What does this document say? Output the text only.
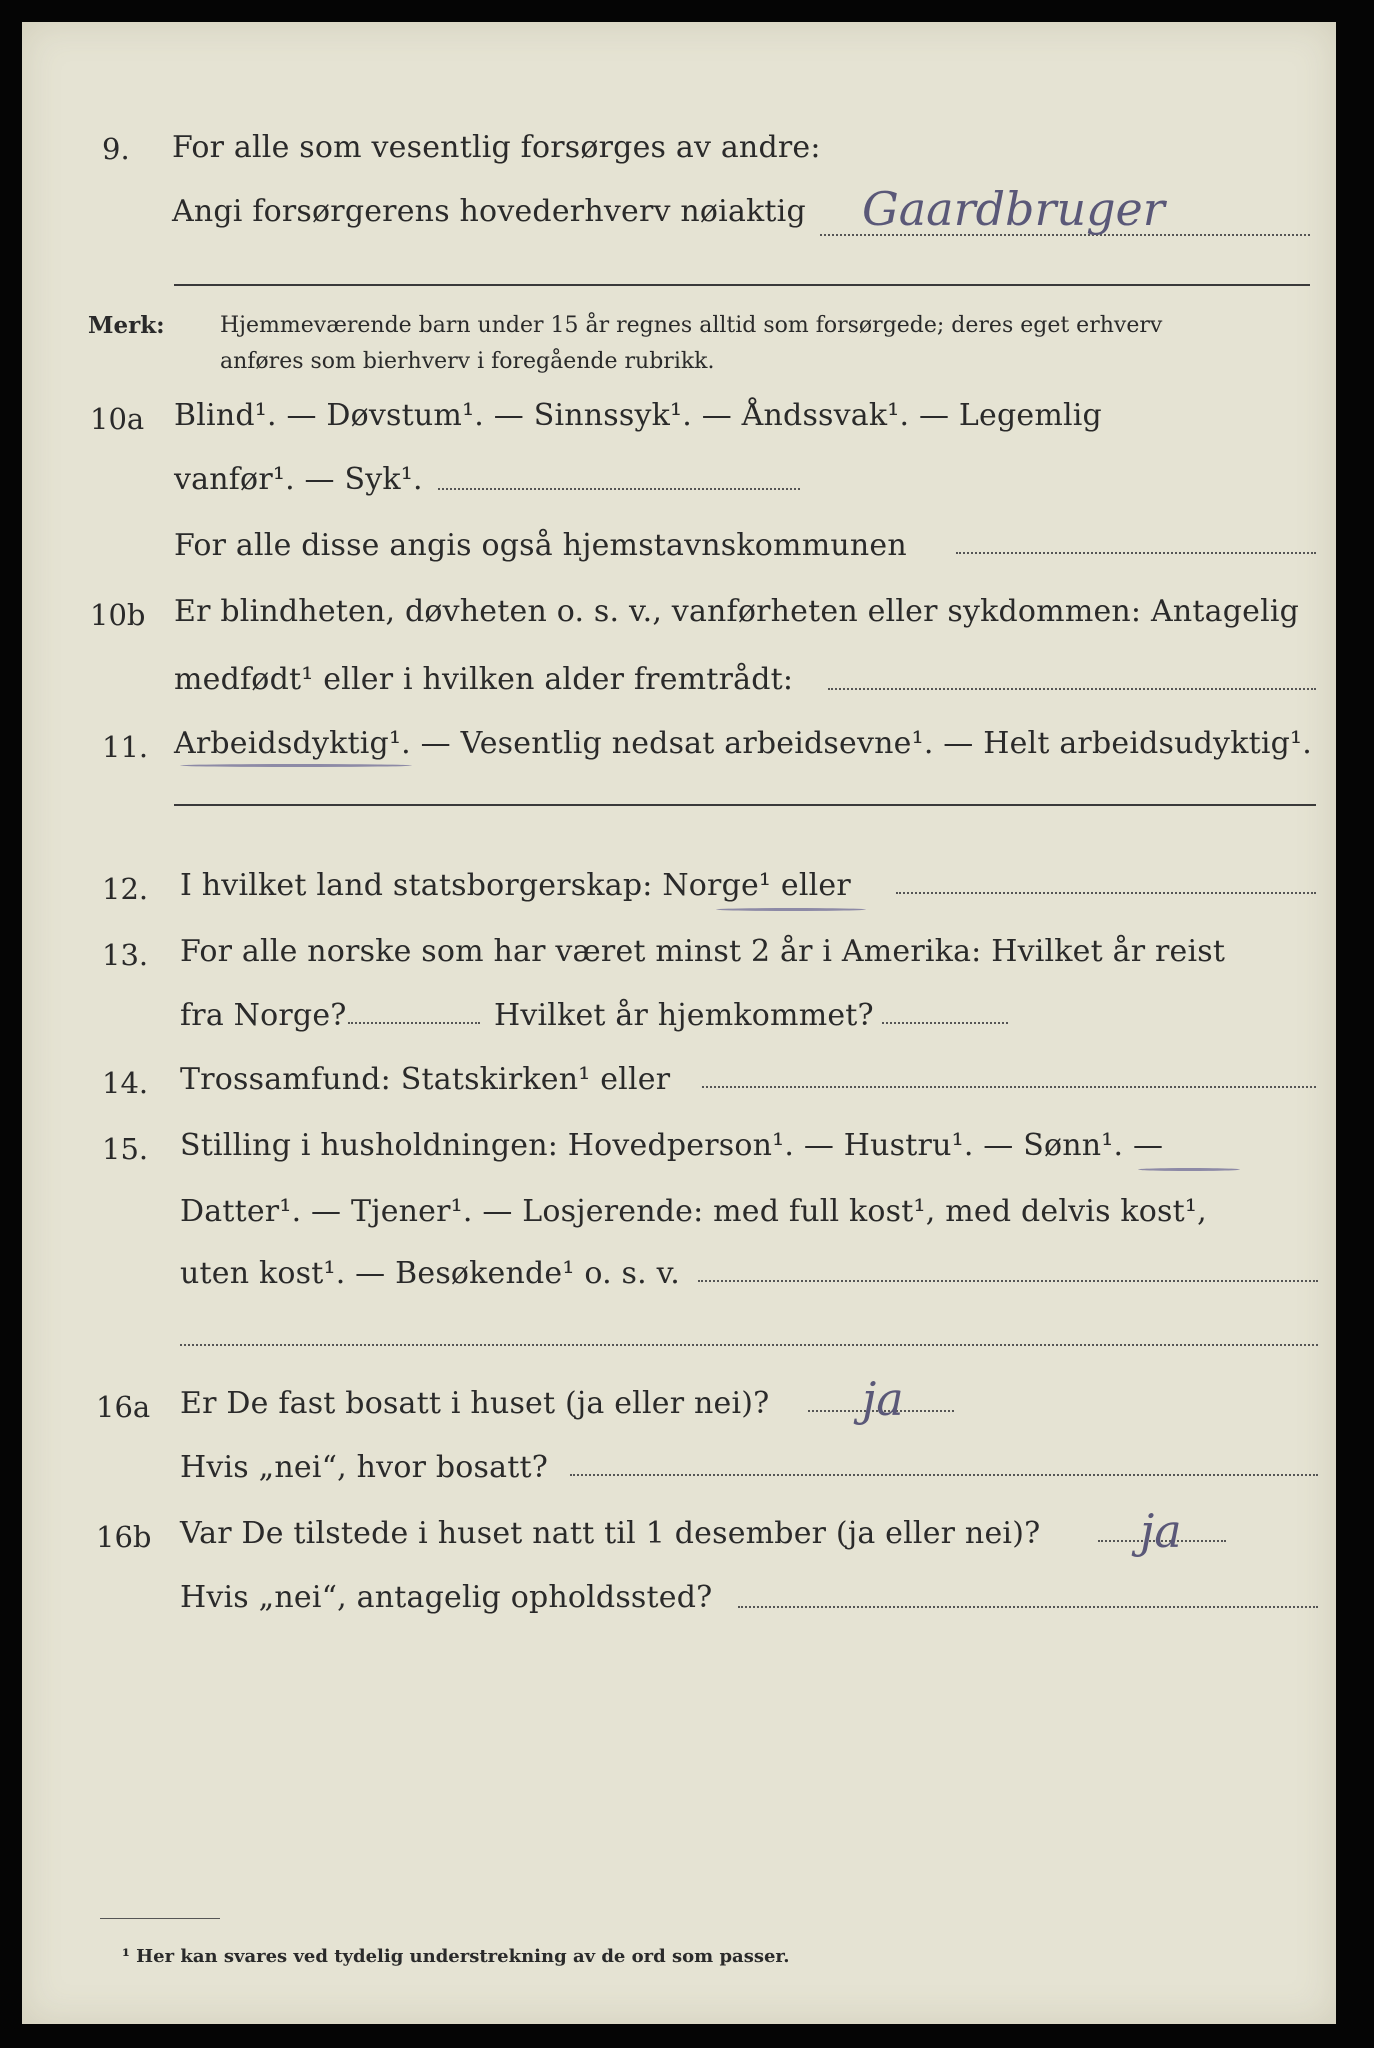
9. For alle som vesentlig forsørges av andre:
Angi forsørgerens hovederhverv nøiaktig Gaardbruger
Merk:	Hjemmeværende barn under 15 år regnes alltid som forsørgede; deres eget erhverv
anføres som bierhverv i foregående rubrikk.
10a Blind¹. — Døvstum¹. — Sinnssyk¹. — Åndssvak¹. — Legemlig
vanfør¹. — Syk¹.
For alle disse angis også hjemstavnskommunen
10b Er blindheten, døvheten o. s. v., vanførheten eller sykdommen: Antagelig
medfødt¹ eller i hvilken alder fremtrådt:
11. Arbeidsdyktig¹. — Vesentlig nedsat arbeidsevne¹. — Helt arbeidsudyktig¹.
12. I hvilket land statsborgerskap: Norge¹ eller
13. For alle norske som har været minst 2 år i Amerika: Hvilket år reist
fra Norge?	Hvilket år hjemkommet?
14. Trossamfund: Statskirken¹ eller
15. Stilling i husholdningen: Hovedperson¹. — Hustru¹. — Sønn¹. —
Datter¹. — Tjener¹. — Losjerende: med full kost¹, med delvis kost¹,
uten kost¹. — Besøkende¹ o. s. v.
16a Er De fast bosatt i huset (ja eller nei)? ja
Hvis „nei“, hvor bosatt?
16b Var De tilstede i huset natt til 1 desember (ja eller nei)? ja
Hvis „nei“, antagelig opholdssted?
¹ Her kan svares ved tydelig understrekning av de ord som passer.
